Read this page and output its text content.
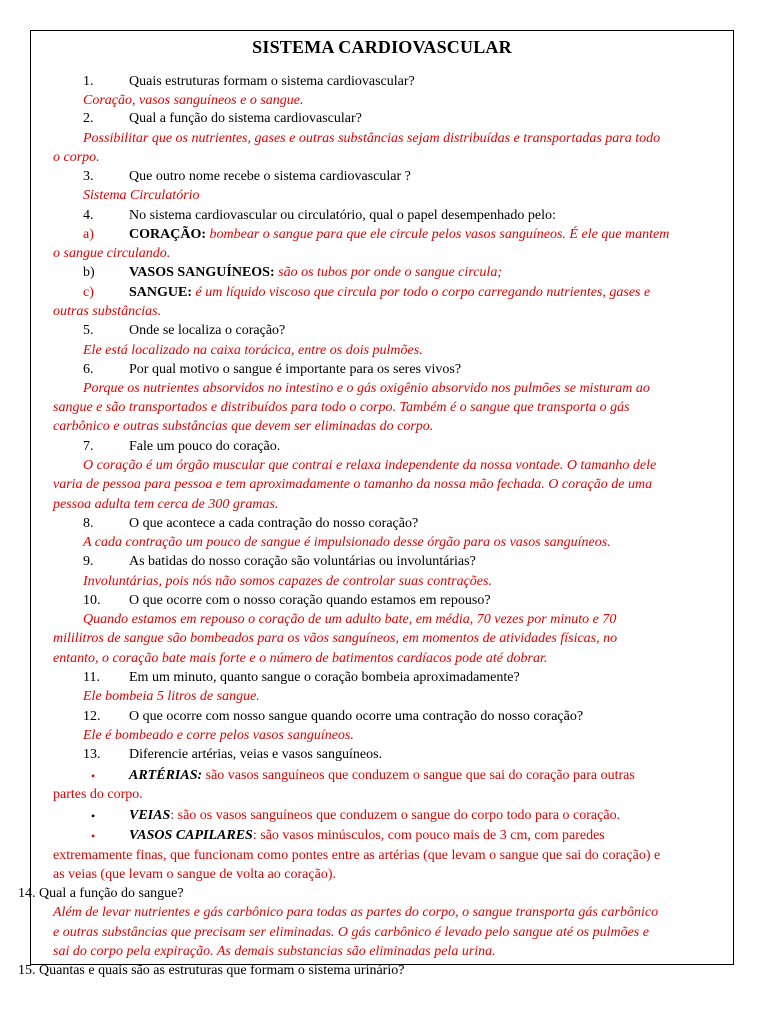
SISTEMA CARDIOVASCULAR
1.	Quais estruturas formam o sistema cardiovascular?
Coração, vasos sanguíneos e o sangue.
2.	Qual a função do sistema cardiovascular?
Possibilitar que os nutrientes, gases e outras substâncias sejam distribuídas e transportadas para todo
o corpo.
3.	Que outro nome recebe o sistema cardiovascular ?
Sistema Circulatório
4.	No sistema cardiovascular ou circulatório, qual o papel desempenhado pelo:
a)	CORAÇÃO: bombear o sangue para que ele circule pelos vasos sanguíneos. É ele que mantem
o sangue circulando.
b) VASOS SANGUÍNEOS: são os tubos por onde o sangue circula;
c)	SANGUE: é um líquido viscoso que circula por todo o corpo carregando nutrientes, gases e
outras substâncias.
5.	Onde se localiza o coração?
Ele está localizado na caixa torácica, entre os dois pulmões.
6.	Por qual motivo o sangue é importante para os seres vivos?
Porque os nutrientes absorvidos no intestino e o gás oxigênio absorvido nos pulmões se misturam ao
sangue e são transportados e distribuídos para todo o corpo. Também é o sangue que transporta o gás
carbônico e outras substâncias que devem ser eliminadas do corpo.
7.	Fale um pouco do coração.
O coração é um órgão muscular que contrai e relaxa independente da nossa vontade. O tamanho dele
varia de pessoa para pessoa e tem aproximadamente o tamanho da nossa mão fechada. O coração de uma
pessoa adulta tem cerca de 300 gramas.
8.	O que acontece a cada contração do nosso coração?
A cada contração um pouco de sangue é impulsionado desse órgão para os vasos sanguíneos.
9.	As batidas do nosso coração são voluntárias ou involuntárias?
Involuntárias, pois nós não somos capazes de controlar suas contrações.
10. O que ocorre com o nosso coração quando estamos em repouso?
Quando estamos em repouso o coração de um adulto bate, em média, 70 vezes por minuto e 70
mililitros de sangue são bombeados para os vãos sanguíneos, em momentos de atividades físicas, no
entanto, o coração bate mais forte e o número de batimentos cardíacos pode até dobrar.
11. Em um minuto, quanto sangue o coração bombeia aproximadamente?
Ele bombeia 5 litros de sangue.
12. O que ocorre com nosso sangue quando ocorre uma contração do nosso coração?
Ele é bombeado e corre pelos vasos sanguíneos.
13. Diferencie artérias, veias e vasos sanguíneos.
• ARTÉRIAS: são vasos sanguíneos que conduzem o sangue que sai do coração para outras
partes do corpo.
• VEIAS: são os vasos sanguíneos que conduzem o sangue do corpo todo para o coração.
• VASOS CAPILARES: são vasos minúsculos, com pouco mais de 3 cm, com paredes
extremamente finas, que funcionam como pontes entre as artérias (que levam o sangue que sai do coração) e
as veias (que levam o sangue de volta ao coração).
14. Qual a função do sangue?
Além de levar nutrientes e gás carbônico para todas as partes do corpo, o sangue transporta gás carbônico
e outras substâncias que precisam ser eliminadas. O gás carbônico é levado pelo sangue até os pulmões e
sai do corpo pela expiração. As demais substancias são eliminadas pela urina.
15. Quantas e quais são as estruturas que formam o sistema urinário?
